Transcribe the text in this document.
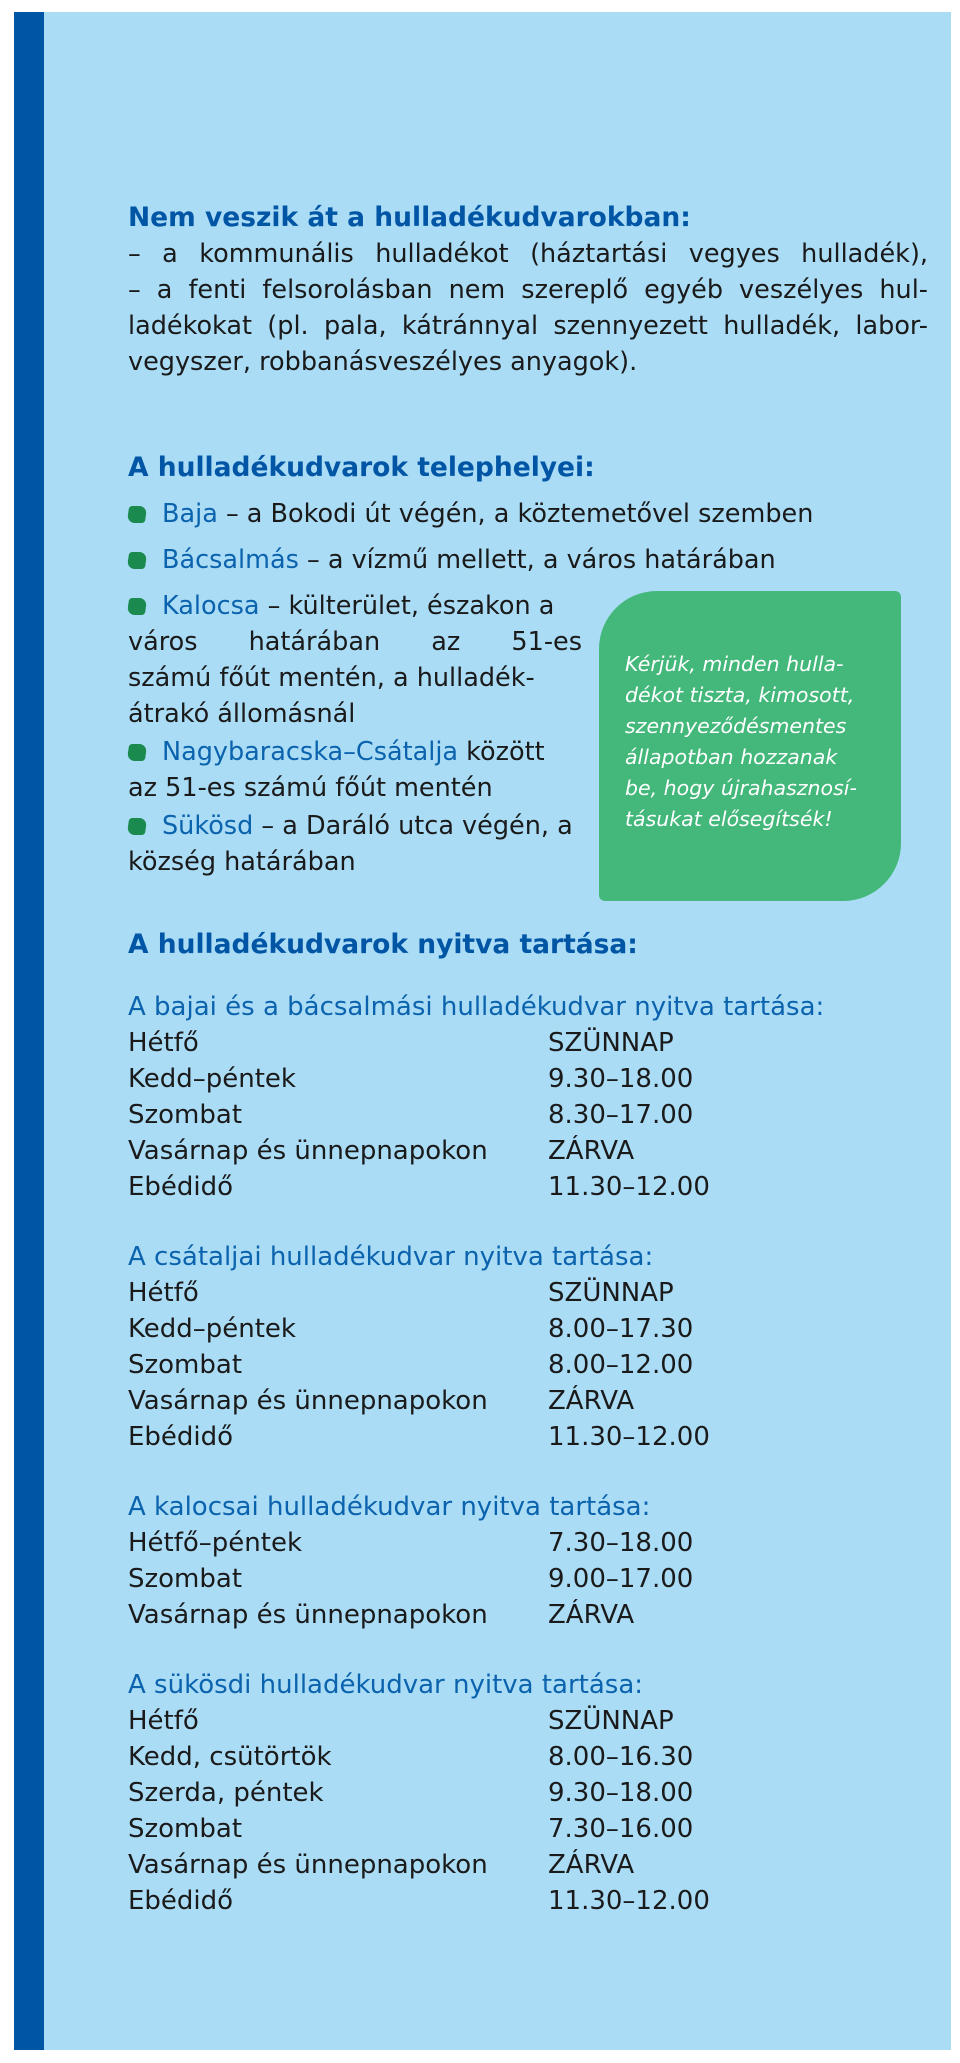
Nem veszik át a hulladékudvarokban:
– a kommunális hulladékot (háztartási vegyes hulladék),
– a fenti felsorolásban nem szereplő egyéb veszélyes hul-
ladékokat (pl. pala, kátránnyal szennyezett hulladék, labor-
vegyszer, robbanásveszélyes anyagok).
A hulladékudvarok telephelyei:
Baja – a Bokodi út végén, a köztemetővel szemben
Bácsalmás – a vízmű mellett, a város határában
Kalocsa – külterület, északon a
város határában az 51-es
számú főút mentén, a hulladék-
átrakó állomásnál
Nagybaracska–Csátalja között
az 51-es számú főút mentén
Sükösd – a Daráló utca végén, a
község határában
Kérjük, minden hulla-
dékot tiszta, kimosott,
szennyeződésmentes
állapotban hozzanak
be, hogy újrahasznosí-
tásukat elősegítsék!
A hulladékudvarok nyitva tartása:
A bajai és a bácsalmási hulladékudvar nyitva tartása:
Hétfő	SZÜNNAP
Kedd–péntek	9.30–18.00
Szombat	8.30–17.00
Vasárnap és ünnepnapokon ZÁRVA
Ebédidő	11.30–12.00
A csátaljai hulladékudvar nyitva tartása:
Hétfő	SZÜNNAP
Kedd–péntek	8.00–17.30
Szombat	8.00–12.00
Vasárnap és ünnepnapokon ZÁRVA
Ebédidő	11.30–12.00
A kalocsai hulladékudvar nyitva tartása:
Hétfő–péntek	7.30–18.00
Szombat	9.00–17.00
Vasárnap és ünnepnapokon ZÁRVA
A sükösdi hulladékudvar nyitva tartása:
Hétfő	SZÜNNAP
Kedd, csütörtök	8.00–16.30
Szerda, péntek	9.30–18.00
Szombat	7.30–16.00
Vasárnap és ünnepnapokon ZÁRVA
Ebédidő	11.30–12.00
